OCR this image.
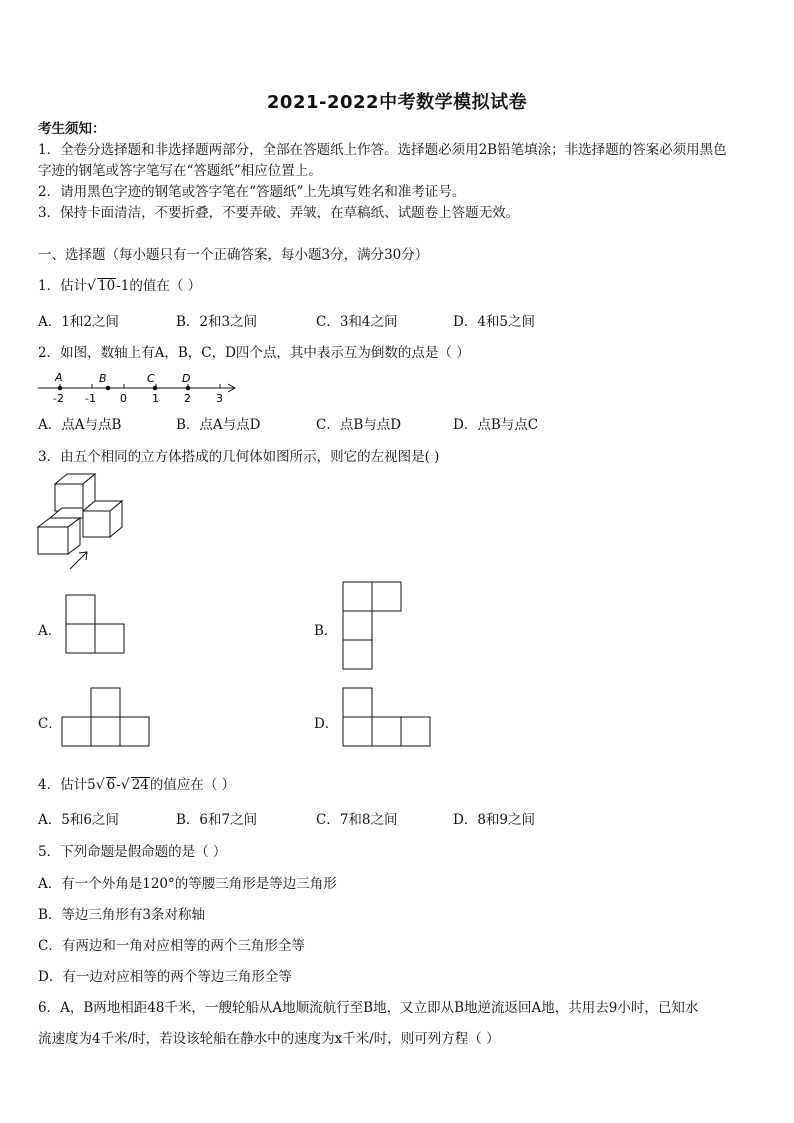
2021-2022中考数学模拟试卷
考生须知：
1．全卷分选择题和非选择题两部分，全部在答题纸上作答。选择题必须用2B铅笔填涂；非选择题的答案必须用黑色
字迹的钢笔或答字笔写在“答题纸”相应位置上。
2．请用黑色字迹的钢笔或答字笔在“答题纸”上先填写姓名和准考证号。
3．保持卡面清洁，不要折叠，不要弄破、弄皱，在草稿纸、试题卷上答题无效。
一、选择题（每小题只有一个正确答案，每小题3分，满分30分）
1．估计√ 10-1的值在（ ）
A．1和2之间	B．2和3之间	C．3和4之间	D．4和5之间
2．如图，数轴上有A，B，C，D四个点，其中表示互为倒数的点是（ ）
A	B	C D
-2 -1 0 1 2 3
A．点A与点B	B．点A与点D	C．点B与点D	D．点B与点C
3．由五个相同的立方体搭成的几何体如图所示，则它的左视图是( )
A．	B．
C．	D．
4．估计5√ 6-√ 24的值应在（ ）
A．5和6之间	B．6和7之间	C．7和8之间	D．8和9之间
5．下列命题是假命题的是（ ）
A．有一个外角是120°的等腰三角形是等边三角形
B．等边三角形有3条对称轴
C．有两边和一角对应相等的两个三角形全等
D．有一边对应相等的两个等边三角形全等
6．A，B两地相距48千米，一艘轮船从A地顺流航行至B地，又立即从B地逆流返回A地，共用去9小时，已知水
流速度为4千米/时，若设该轮船在静水中的速度为x千米/时，则可列方程（ ）
